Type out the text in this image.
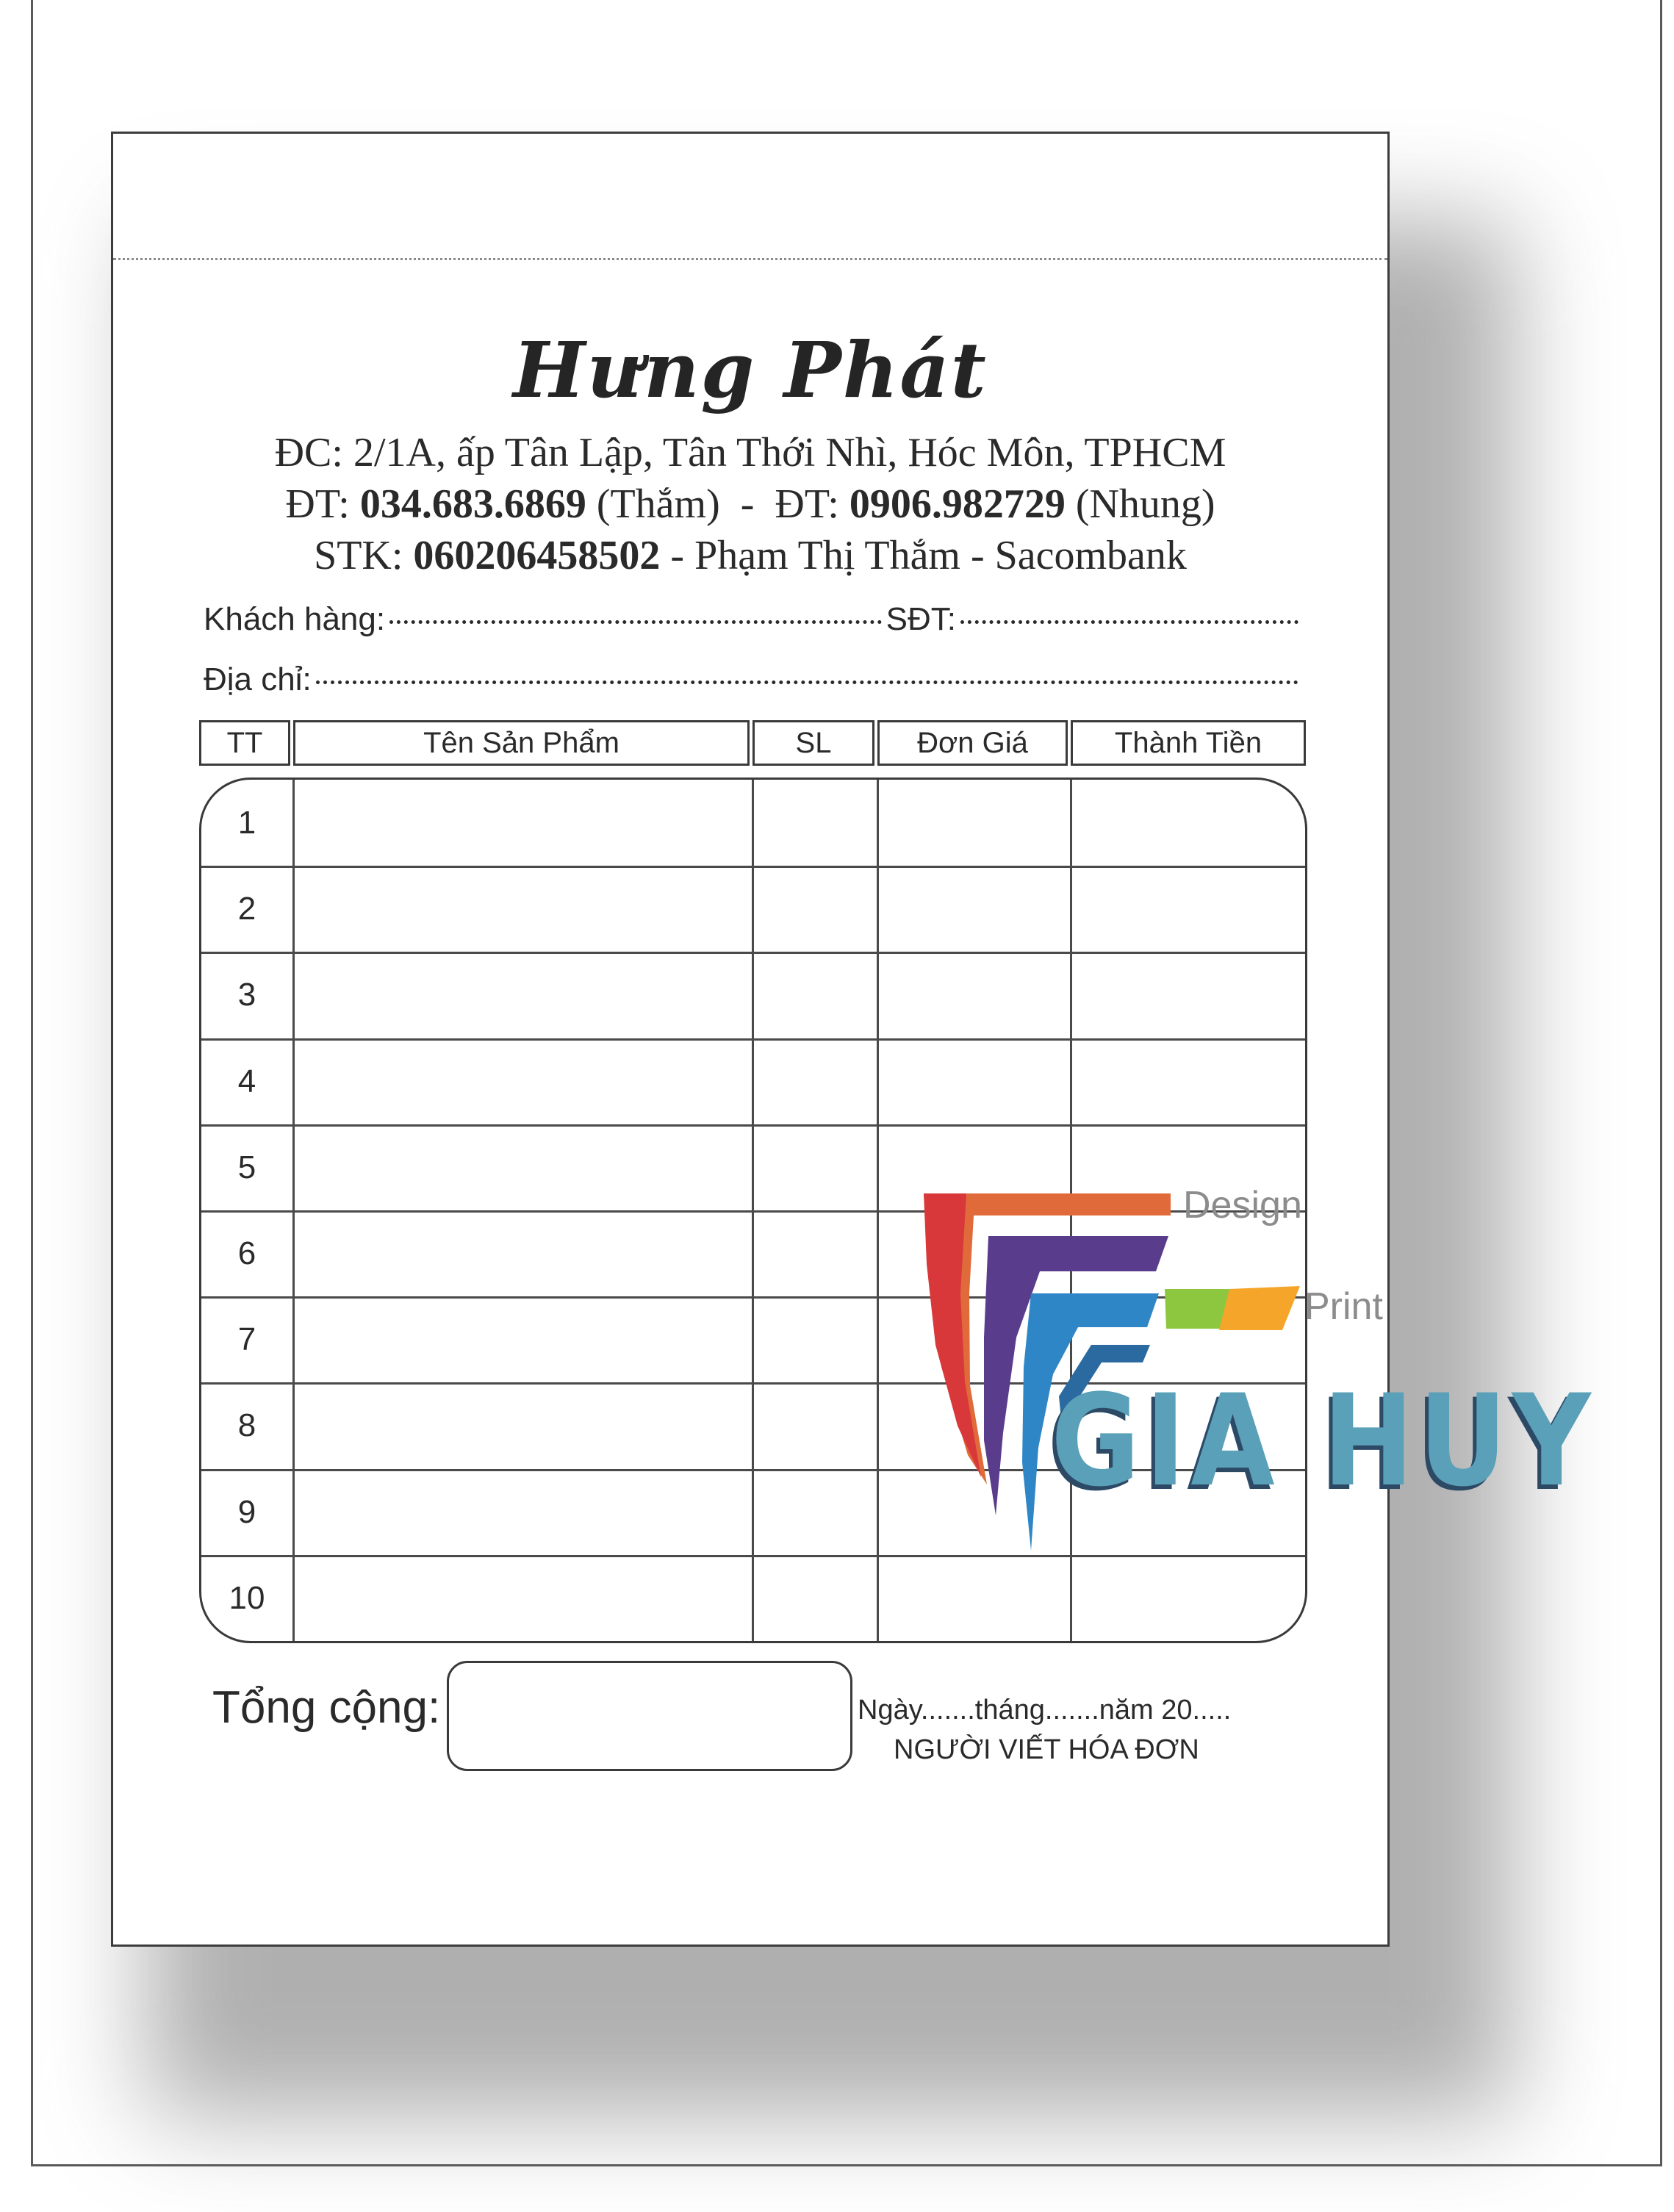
Hưng Phát
ĐC: 2/1A, ấp Tân Lập, Tân Thới Nhì, Hóc Môn, TPHCM
ĐT: 034.683.6869 (Thắm)  -  ĐT: 0906.982729 (Nhung)
STK: 060206458502 - Phạm Thị Thắm - Sacombank
Khách hàng:	SĐT:
Địa chỉ:
TT	Tên Sản Phẩm	SL	Đơn Giá	Thành Tiền
1
2
3
4
5
6
7
8
9
10
Tổng cộng:	Ngày.......tháng.......năm 20.....
NGƯỜI VIẾT HÓA ĐƠN
Design
Print
GIA HUY
